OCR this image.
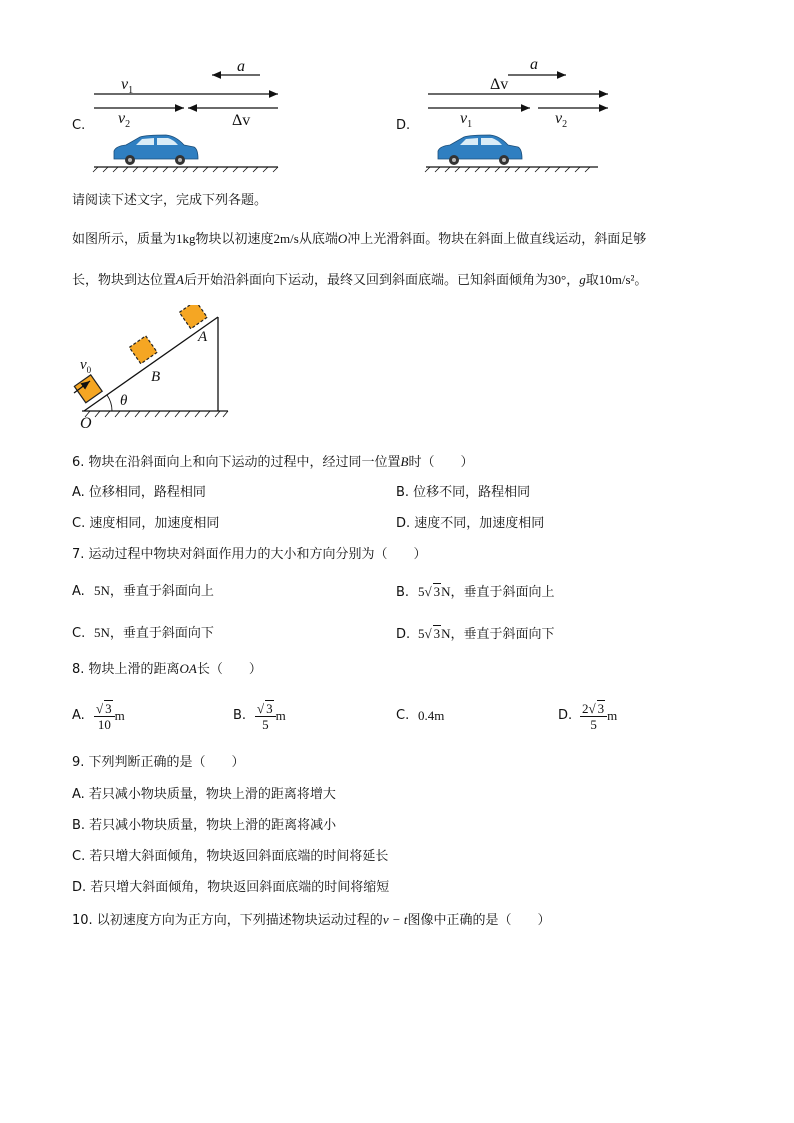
C.
a
$v_1$
$v_2$	Δv	D.
a
Δv
$v_1$	$v_2$
请阅读下述文字，完成下列各题。
如图所示，质量为1kg物块以初速度2m/s从底端O冲上光滑斜面。物块在斜面上做直线运动，斜面足够
长，物块到达位置A后开始沿斜面向下运动，最终又回到斜面底端。已知斜面倾角为30°，g取10m/s²。
$v_0$
A
B
θ
O
6. 物块在沿斜面向上和向下运动的过程中，经过同一位置B时（　　）
A. 位移相同，路程相同	B. 位移不同，路程相同
C. 速度相同，加速度相同	D. 速度不同，加速度相同
7. 运动过程中物块对斜面作用力的大小和方向分别为（　　）
A. 5N，垂直于斜面向上	B. 5√ 3N，垂直于斜面向上
C. 5N，垂直于斜面向下	D. 5√ 3N，垂直于斜面向下
8. 物块上滑的距离OA长（　　）
A. $\frac{√ 3}{10}$ m	B. $\frac{√ 3}{5}$ m	C. 0.4m	D. $\frac{2√ 3}{5}$ m
9. 下列判断正确的是（　　）
A. 若只减小物块质量，物块上滑的距离将增大
B. 若只减小物块质量，物块上滑的距离将减小
C. 若只增大斜面倾角，物块返回斜面底端的时间将延长
D. 若只增大斜面倾角，物块返回斜面底端的时间将缩短
10. 以初速度方向为正方向，下列描述物块运动过程的v − t图像中正确的是（　　）
